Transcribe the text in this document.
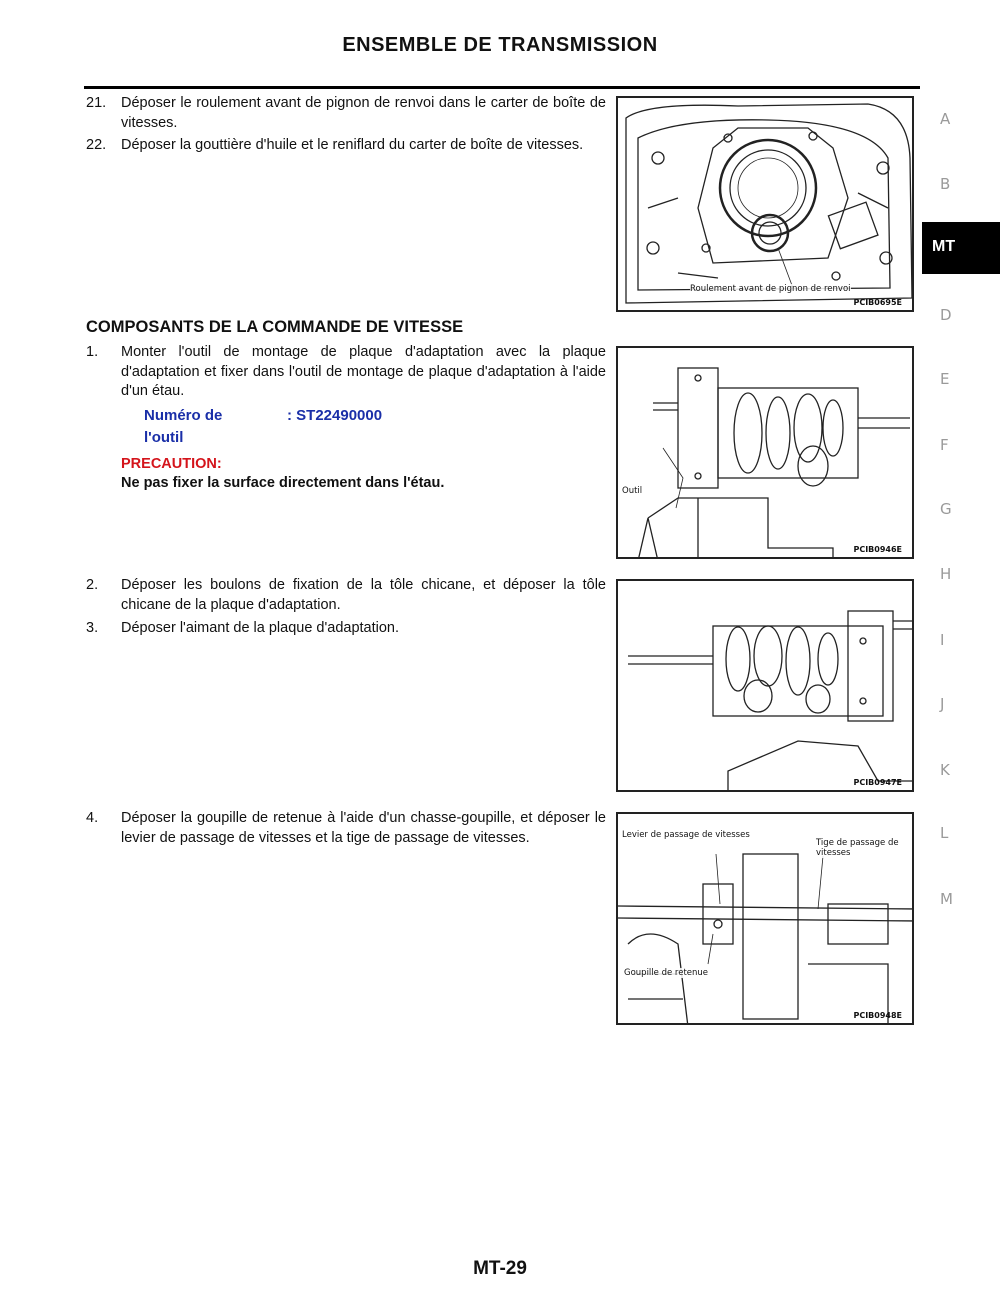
ENSEMBLE DE TRANSMISSION
21. Déposer le roulement avant de pignon de renvoi dans le carter de boîte de vitesses.
22. Déposer la gouttière d'huile et le reniflard du carter de boîte de vitesses.
Roulement avant de pignon de renvoi
PCIB0695E
COMPOSANTS DE LA COMMANDE DE VITESSE
1. Monter l'outil de montage de plaque d'adaptation avec la plaque d'adaptation et fixer dans l'outil de montage de plaque d'adaptation à l'aide d'un étau.
Numéro de l'outil
: ST22490000
PRECAUTION:
Ne pas fixer la surface directement dans l'étau.	Outil
PCIB0946E
2. Déposer les boulons de fixation de la tôle chicane, et déposer la tôle chicane de la plaque d'adaptation.
3. Déposer l'aimant de la plaque d'adaptation.
PCIB0947E
4. Déposer la goupille de retenue à l'aide d'un chasse-goupille, et déposer le levier de passage de vitesses et la tige de passage de vitesses.	Levier de passage de vitesses
Tige de passage de vitesses
Goupille de retenue
PCIB0948E
A
B
MT
D
E
F
G
H
I
J
K
L
M
MT-29
